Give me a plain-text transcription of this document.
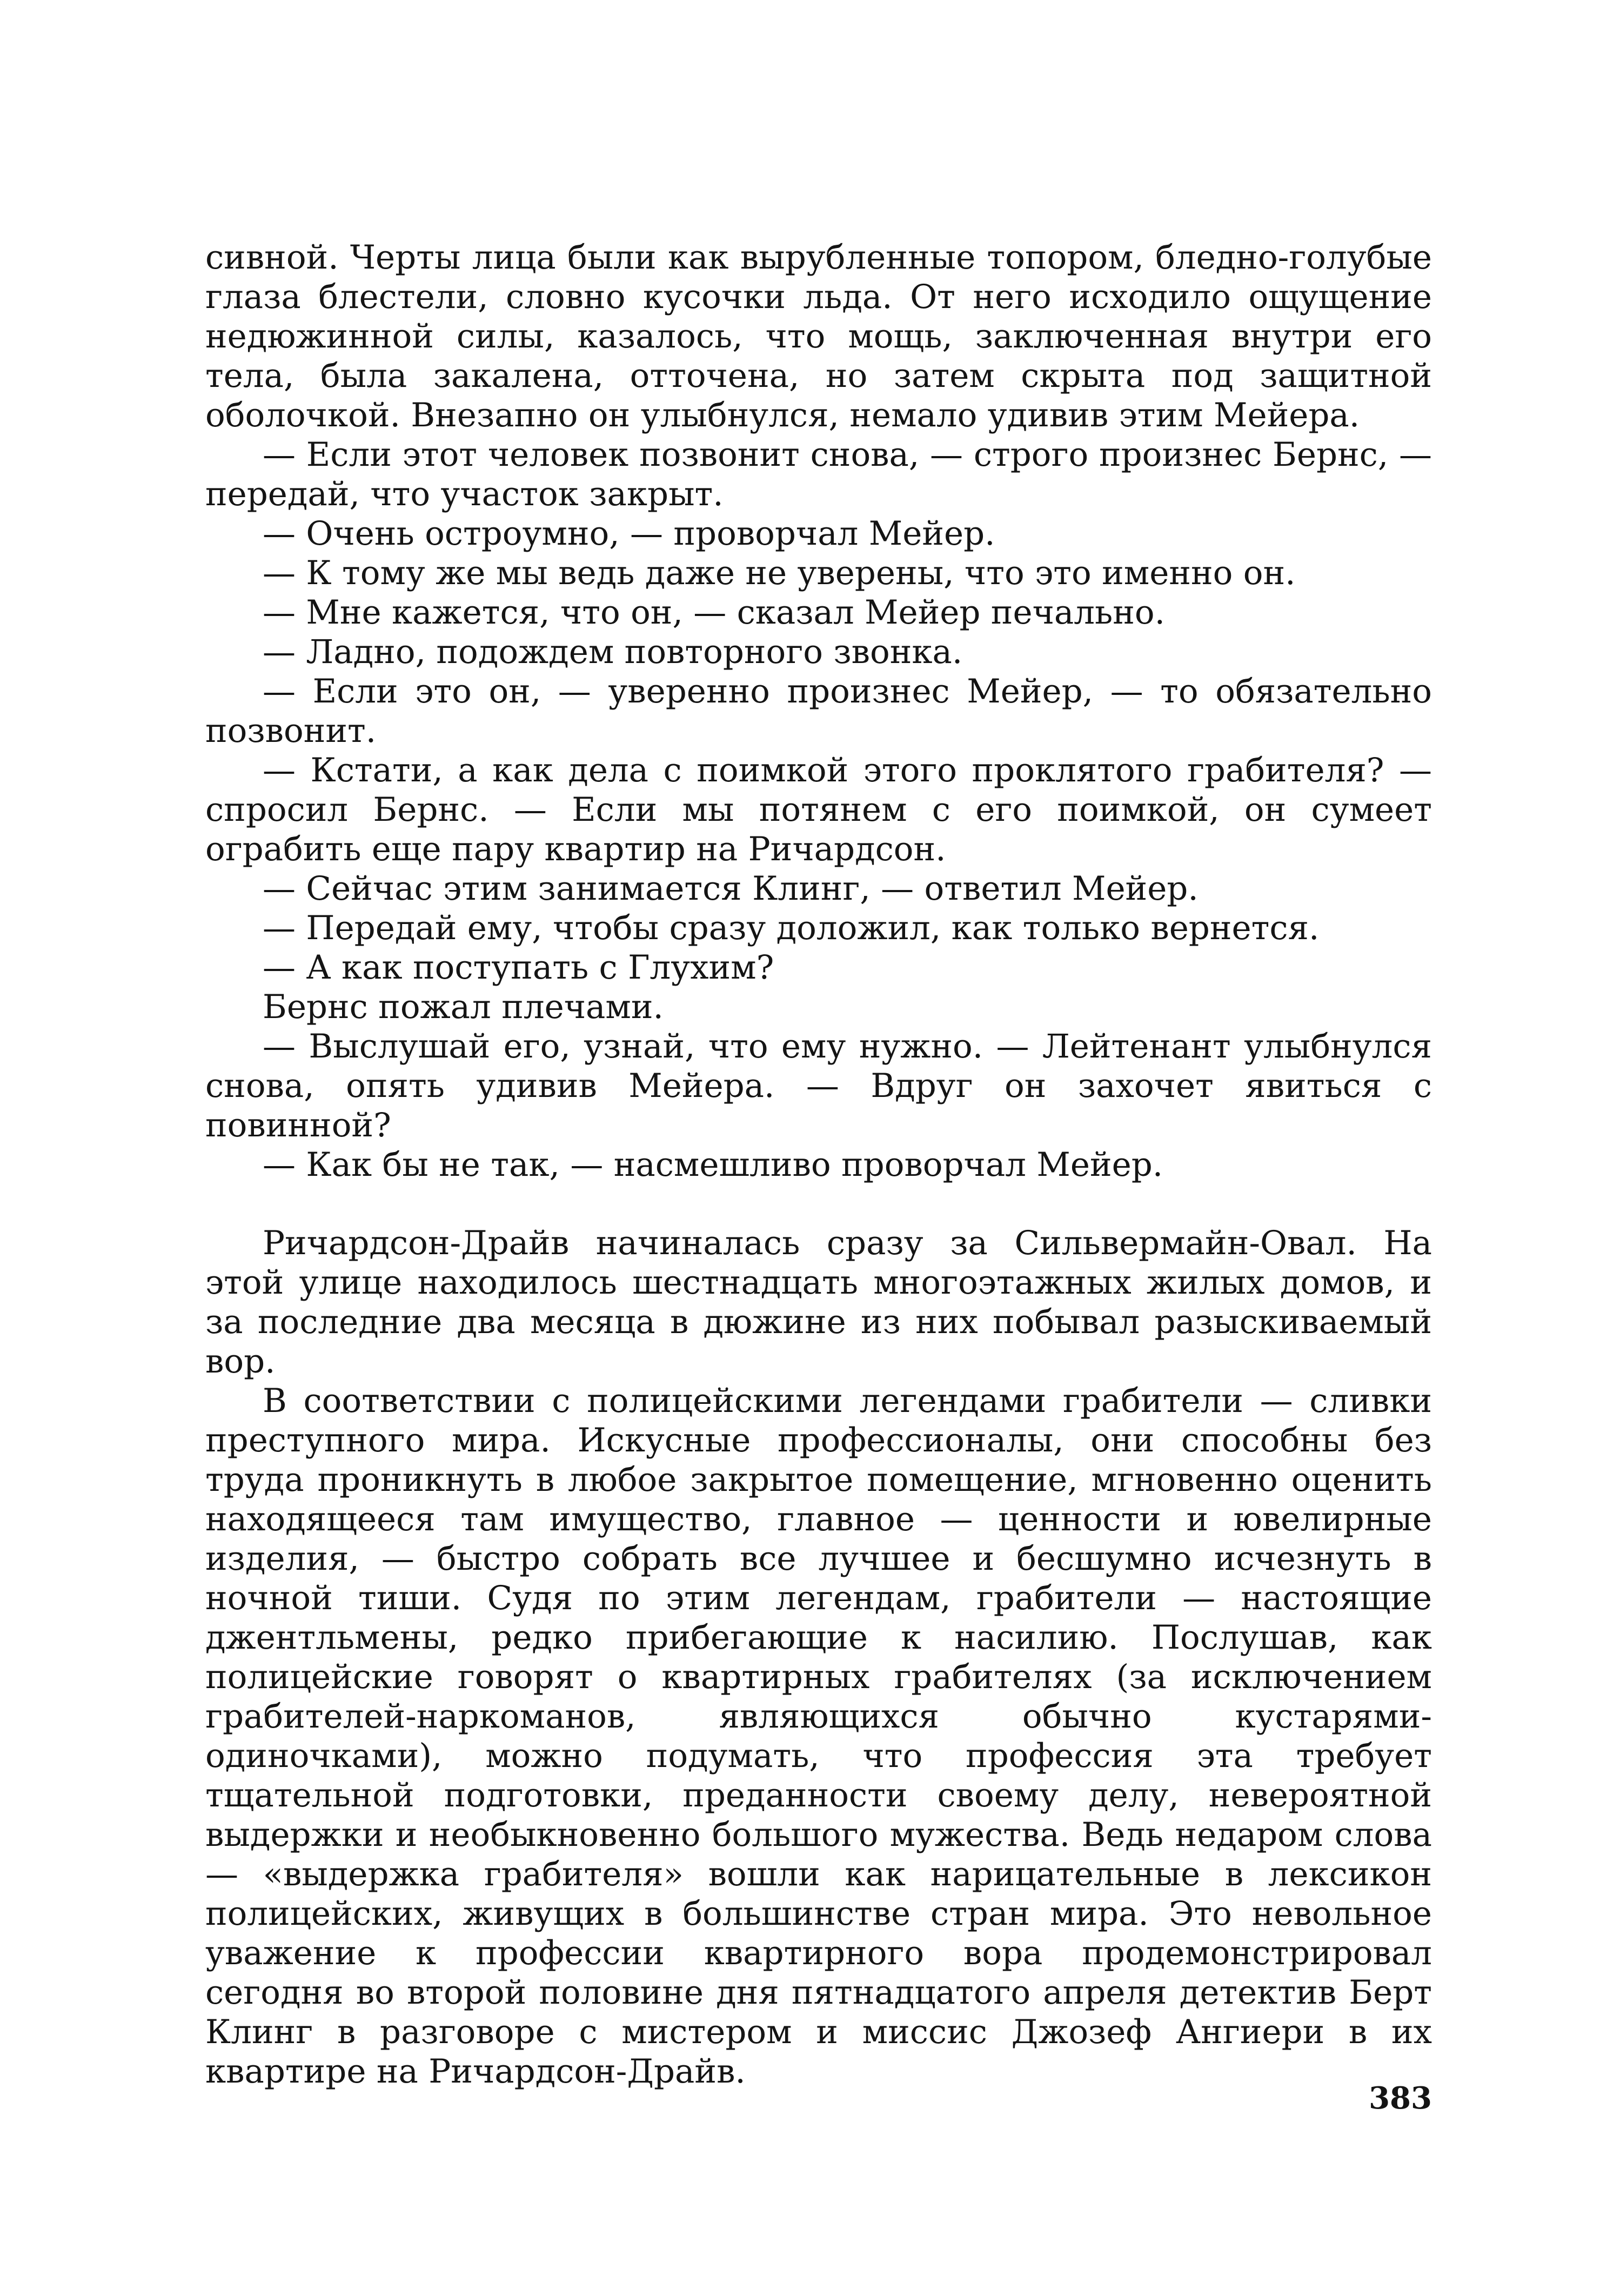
сивной. Черты лица были как вырубленные топором, бледно-голубые глаза блестели, словно кусочки льда. От него исходило ощущение недюжинной силы, казалось, что мощь, заключенная внутри его тела, была закалена, отточена, но затем скрыта под защитной оболочкой. Внезапно он улыбнулся, немало удивив этим Мейера.

— Если этот человек позвонит снова, — строго произнес Бернс, — передай, что участок закрыт.

— Очень остроумно, — проворчал Мейер.

— К тому же мы ведь даже не уверены, что это именно он.

— Мне кажется, что он, — сказал Мейер печально.

— Ладно, подождем повторного звонка.

— Если это он, — уверенно произнес Мейер, — то обязательно позвонит.

— Кстати, а как дела с поимкой этого проклятого грабителя? — спросил Бернс. — Если мы потянем с его поимкой, он сумеет ограбить еще пару квартир на Ричардсон.

— Сейчас этим занимается Клинг, — ответил Мейер.

— Передай ему, чтобы сразу доложил, как только вернется.

— А как поступать с Глухим?

Бернс пожал плечами.

— Выслушай его, узнай, что ему нужно. — Лейтенант улыбнулся снова, опять удивив Мейера. — Вдруг он захочет явиться с повинной?

— Как бы не так, — насмешливо проворчал Мейер.

Ричардсон-Драйв начиналась сразу за Сильвермайн-Овал. На этой улице находилось шестнадцать многоэтажных жилых домов, и за последние два месяца в дюжине из них побывал разыскиваемый вор.

В соответствии с полицейскими легендами грабители — сливки преступного мира. Искусные профессионалы, они способны без труда проникнуть в любое закрытое помещение, мгновенно оценить находящееся там имущество, главное — ценности и ювелирные изделия, — быстро собрать все лучшее и бесшумно исчезнуть в ночной тиши. Судя по этим легендам, грабители — настоящие джентльмены, редко прибегающие к насилию. Послушав, как полицейские говорят о квартирных грабителях (за исключением грабителей-наркоманов, являющихся обычно кустарями-одиночками), можно подумать, что профессия эта требует тщательной подготовки, преданности своему делу, невероятной выдержки и необыкновенно большого мужества. Ведь недаром слова — «выдержка грабителя» вошли как нарицательные в лексикон полицейских, живущих в большинстве стран мира. Это невольное уважение к профессии квартирного вора продемонстрировал сегодня во второй половине дня пятнадцатого апреля детектив Берт Клинг в разговоре с мистером и миссис Джозеф Ангиери в их квартире на Ричардсон-Драйв.

383
